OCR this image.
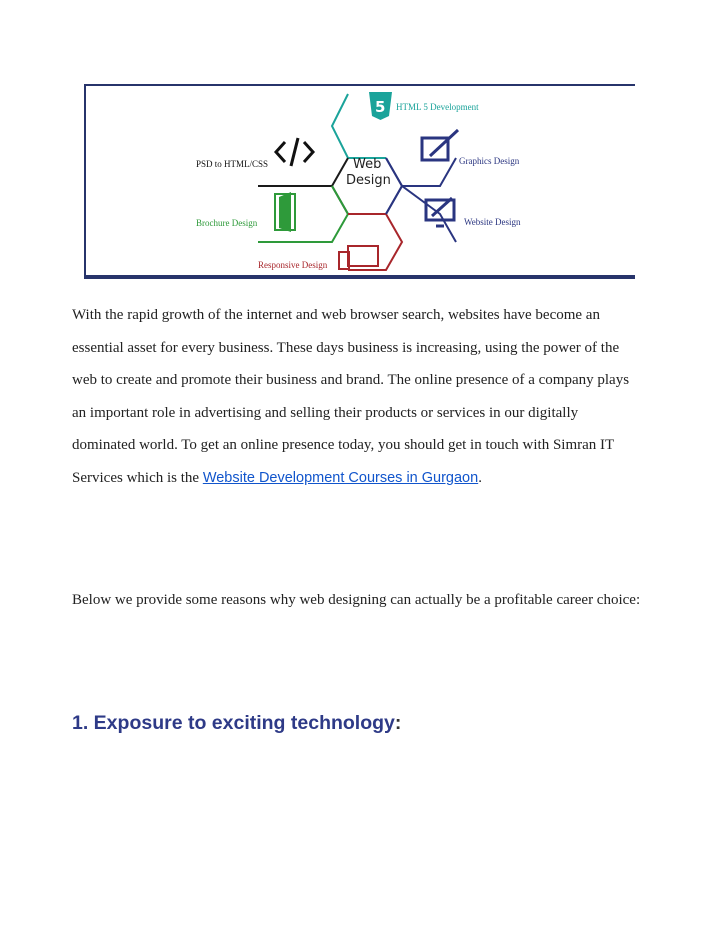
Web
Design
5 HTML 5 Development
PSD to HTML/CSS	Graphics Design
Brochure Design	Website Design
Responsive Design

With the rapid growth of the internet and web browser search, websites have become an essential asset for every business. These days business is increasing, using the power of the web to create and promote their business and brand. The online presence of a company plays an important role in advertising and selling their products or services in our digitally dominated world. To get an online presence today, you should get in touch with Simran IT Services which is the Website Development Courses in Gurgaon.

Below we provide some reasons why web designing can actually be a profitable career choice:

1. Exposure to exciting technology:
